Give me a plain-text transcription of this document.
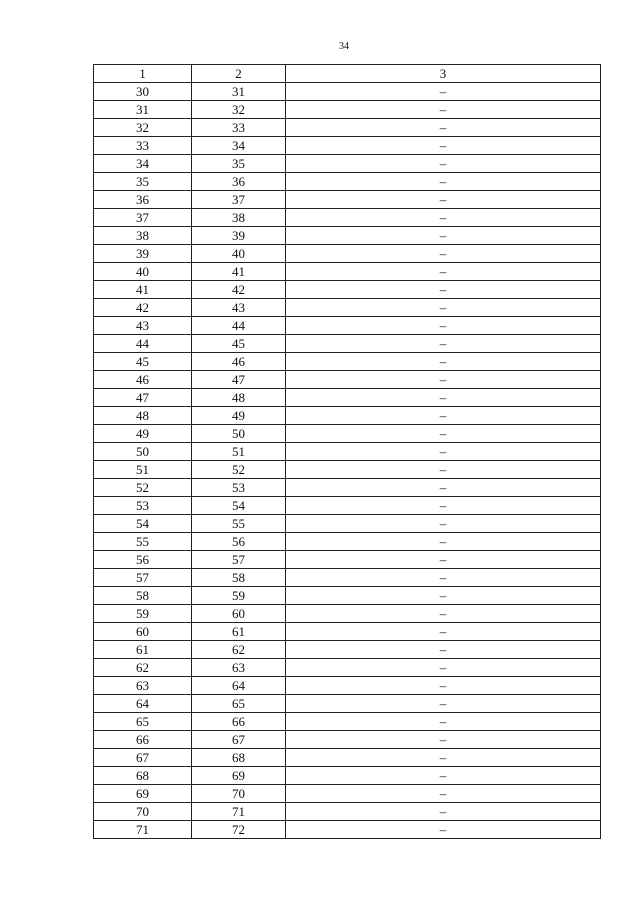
34
1	2	3
30	31	–
31	32	–
32	33	–
33	34	–
34	35	–
35	36	–
36	37	–
37	38	–
38	39	–
39	40	–
40	41	–
41	42	–
42	43	–
43	44	–
44	45	–
45	46	–
46	47	–
47	48	–
48	49	–
49	50	–
50	51	–
51	52	–
52	53	–
53	54	–
54	55	–
55	56	–
56	57	–
57	58	–
58	59	–
59	60	–
60	61	–
61	62	–
62	63	–
63	64	–
64	65	–
65	66	–
66	67	–
67	68	–
68	69	–
69	70	–
70	71	–
71	72	–
